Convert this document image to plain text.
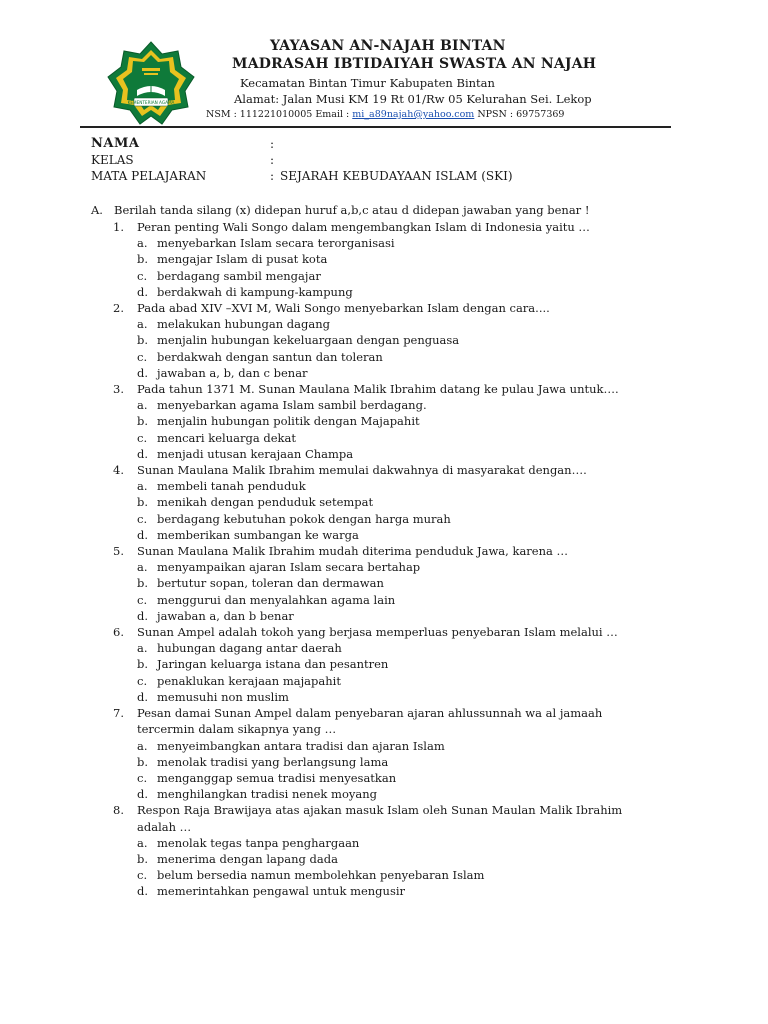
KEMENTERIAN AGAMA
YAYASAN AN-NAJAH BINTAN
MADRASAH IBTIDAIYAH SWASTA AN NAJAH
Kecamatan Bintan Timur Kabupaten Bintan
Alamat: Jalan Musi KM 19 Rt 01/Rw 05 Kelurahan Sei. Lekop
NSM : 111221010005 Email : mi_a89najah@yahoo.com NPSN : 69757369
NAMA	:
KELAS	:
MATA PELAJARAN	: SEJARAH KEBUDAYAAN ISLAM (SKI)
A. Berilah tanda silang (x) didepan huruf a,b,c atau d didepan jawaban yang benar !
1. Peran penting Wali Songo dalam mengembangkan Islam di Indonesia yaitu …
a. menyebarkan Islam secara terorganisasi
b. mengajar Islam di pusat kota
c. berdagang sambil mengajar
d. berdakwah di kampung-kampung
2. Pada abad XIV –XVI M, Wali Songo menyebarkan Islam dengan cara....
a. melakukan hubungan dagang
b. menjalin hubungan kekeluargaan dengan penguasa
c. berdakwah dengan santun dan toleran
d. jawaban a, b, dan c benar
3. Pada tahun 1371 M. Sunan Maulana Malik Ibrahim datang ke pulau Jawa untuk….
a. menyebarkan agama Islam sambil berdagang.
b. menjalin hubungan politik dengan Majapahit
c. mencari keluarga dekat
d. menjadi utusan kerajaan Champa
4. Sunan Maulana Malik Ibrahim memulai dakwahnya di masyarakat dengan….
a. membeli tanah penduduk
b. menikah dengan penduduk setempat
c. berdagang kebutuhan pokok dengan harga murah
d. memberikan sumbangan ke warga
5. Sunan Maulana Malik Ibrahim mudah diterima penduduk Jawa, karena …
a. menyampaikan ajaran Islam secara bertahap
b. bertutur sopan, toleran dan dermawan
c. menggurui dan menyalahkan agama lain
d. jawaban a, dan b benar
6. Sunan Ampel adalah tokoh yang berjasa memperluas penyebaran Islam melalui …
a. hubungan dagang antar daerah
b. Jaringan keluarga istana dan pesantren
c. penaklukan kerajaan majapahit
d. memusuhi non muslim
7. Pesan damai Sunan Ampel dalam penyebaran ajaran ahlussunnah wa al jamaah
tercermin dalam sikapnya yang …
a. menyeimbangkan antara tradisi dan ajaran Islam
b. menolak tradisi yang berlangsung lama
c. menganggap semua tradisi menyesatkan
d. menghilangkan tradisi nenek moyang
8. Respon Raja Brawijaya atas ajakan masuk Islam oleh Sunan Maulan Malik Ibrahim
adalah …
a. menolak tegas tanpa penghargaan
b. menerima dengan lapang dada
c. belum bersedia namun membolehkan penyebaran Islam
d. memerintahkan pengawal untuk mengusir
